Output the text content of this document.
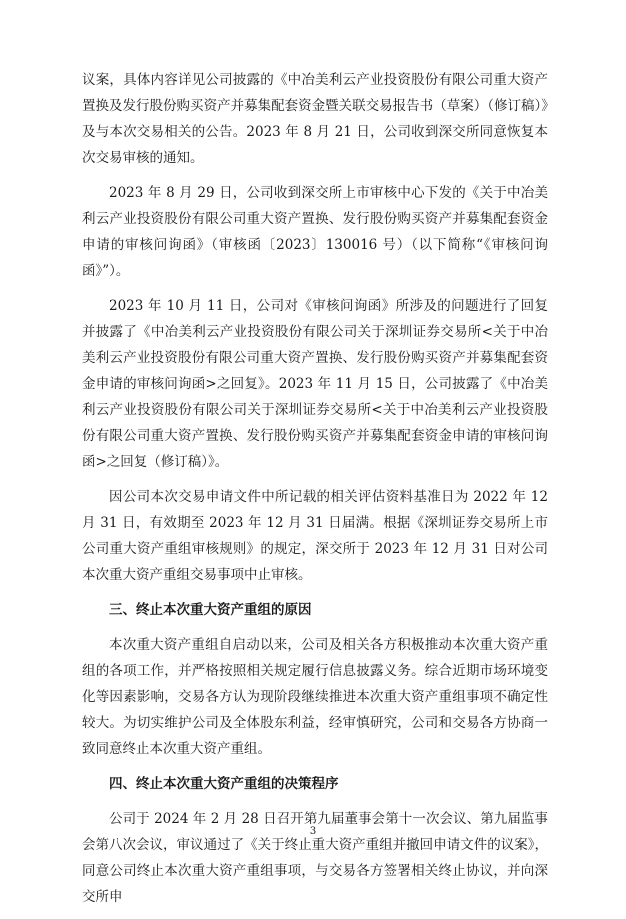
议案，具体内容详见公司披露的《中冶美利云产业投资股份有限公司重大资产置换及发行股份购买资产并募集配套资金暨关联交易报告书（草案）（修订稿）》及与本次交易相关的公告。2023 年 8 月 21 日，公司收到深交所同意恢复本次交易审核的通知。

2023 年 8 月 29 日，公司收到深交所上市审核中心下发的《关于中冶美利云产业投资股份有限公司重大资产置换、发行股份购买资产并募集配套资金申请的审核问询函》（审核函〔2023〕130016 号）（以下简称“《审核问询函》”）。

2023 年 10 月 11 日，公司对《审核问询函》所涉及的问题进行了回复并披露了《中冶美利云产业投资股份有限公司关于深圳证券交易所<关于中冶美利云产业投资股份有限公司重大资产置换、发行股份购买资产并募集配套资金申请的审核问询函>之回复》。2023 年 11 月 15 日，公司披露了《中冶美利云产业投资股份有限公司关于深圳证券交易所<关于中冶美利云产业投资股份有限公司重大资产置换、发行股份购买资产并募集配套资金申请的审核问询函>之回复（修订稿）》。

因公司本次交易申请文件中所记载的相关评估资料基准日为 2022 年 12 月 31 日，有效期至 2023 年 12 月 31 日届满。根据《深圳证券交易所上市公司重大资产重组审核规则》的规定，深交所于 2023 年 12 月 31 日对公司本次重大资产重组交易事项中止审核。

三、终止本次重大资产重组的原因

本次重大资产重组自启动以来，公司及相关各方积极推动本次重大资产重组的各项工作，并严格按照相关规定履行信息披露义务。综合近期市场环境变化等因素影响，交易各方认为现阶段继续推进本次重大资产重组事项不确定性较大。为切实维护公司及全体股东利益，经审慎研究，公司和交易各方协商一致同意终止本次重大资产重组。

四、终止本次重大资产重组的决策程序

公司于 2024 年 2 月 28 日召开第九届董事会第十一次会议、第九届监事会第八次会议，审议通过了《关于终止重大资产重组并撤回申请文件的议案》，同意公司终止本次重大资产重组事项，与交易各方签署相关终止协议，并向深交所申

3
